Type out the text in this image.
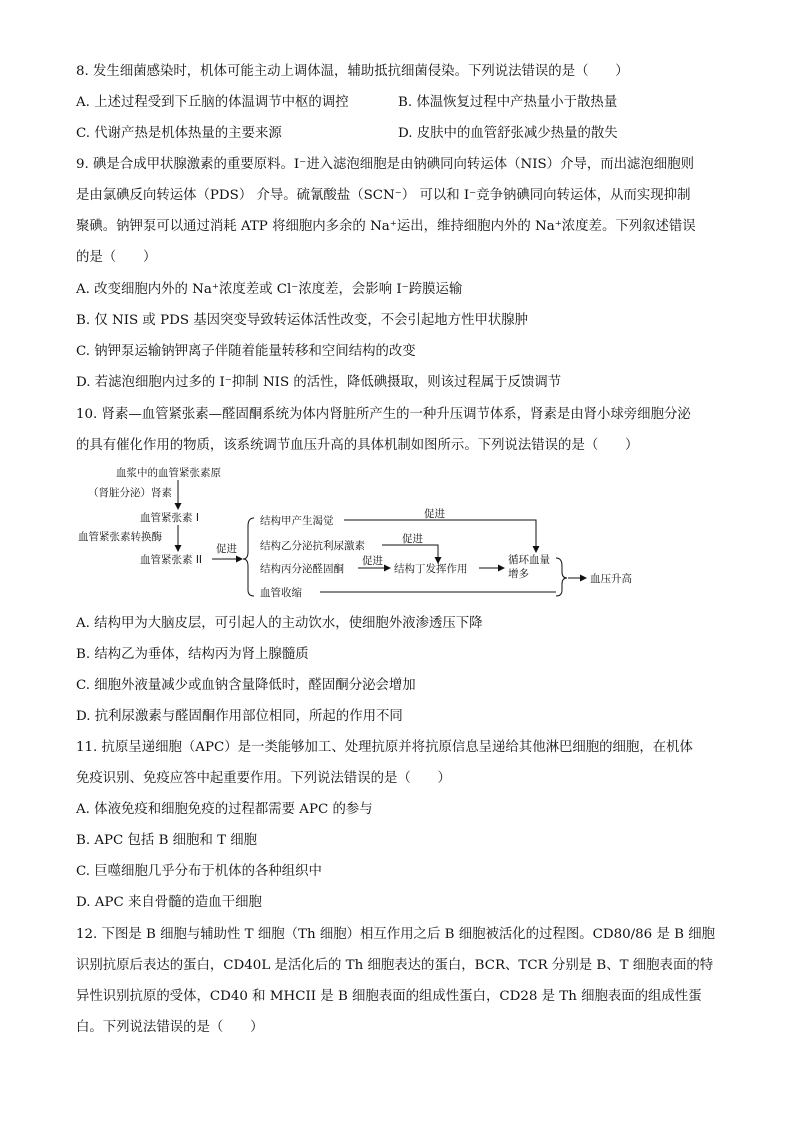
8. 发生细菌感染时，机体可能主动上调体温，辅助抵抗细菌侵染。下列说法错误的是（　　）
A. 上述过程受到下丘脑的体温调节中枢的调控	B. 体温恢复过程中产热量小于散热量
C. 代谢产热是机体热量的主要来源	D. 皮肤中的血管舒张减少热量的散失
9. 碘是合成甲状腺激素的重要原料。I⁻进入滤泡细胞是由钠碘同向转运体（NIS）介导，而出滤泡细胞则
是由氯碘反向转运体（PDS） 介导。硫氰酸盐（SCN⁻） 可以和 I⁻竞争钠碘同向转运体，从而实现抑制
聚碘。钠钾泵可以通过消耗 ATP 将细胞内多余的 Na⁺运出，维持细胞内外的 Na⁺浓度差。下列叙述错误
的是（　　）
A. 改变细胞内外的 Na⁺浓度差或 Cl⁻浓度差，会影响 I⁻跨膜运输
B. 仅 NIS 或 PDS 基因突变导致转运体活性改变，不会引起地方性甲状腺肿
C. 钠钾泵运输钠钾离子伴随着能量转移和空间结构的改变
D. 若滤泡细胞内过多的 I⁻抑制 NIS 的活性，降低碘摄取，则该过程属于反馈调节
10. 肾素—血管紧张素—醛固酮系统为体内肾脏所产生的一种升压调节体系，肾素是由肾小球旁细胞分泌
的具有催化作用的物质，该系统调节血压升高的具体机制如图所示。下列说法错误的是（　　）
血浆中的血管紧张素原
（肾脏分泌）肾素
血管紧张素 I
血管紧张素转换酶
血管紧张素 II
促进
结构甲产生渴觉
结构乙分泌抗利尿激素
结构丙分泌醛固酮
血管收缩
促进
促进
促进
结构丁发挥作用
循环血量
增多	血压升高
A. 结构甲为大脑皮层，可引起人的主动饮水，使细胞外液渗透压下降
B. 结构乙为垂体，结构丙为肾上腺髓质
C. 细胞外液量减少或血钠含量降低时，醛固酮分泌会增加
D. 抗利尿激素与醛固酮作用部位相同，所起的作用不同
11. 抗原呈递细胞（APC）是一类能够加工、处理抗原并将抗原信息呈递给其他淋巴细胞的细胞，在机体
免疫识别、免疫应答中起重要作用。下列说法错误的是（　　）
A. 体液免疫和细胞免疫的过程都需要 APC 的参与
B. APC 包括 B 细胞和 T 细胞
C. 巨噬细胞几乎分布于机体的各种组织中
D. APC 来自骨髓的造血干细胞
12. 下图是 B 细胞与辅助性 T 细胞（Th 细胞）相互作用之后 B 细胞被活化的过程图。CD80/86 是 B 细胞
识别抗原后表达的蛋白，CD40L 是活化后的 Th 细胞表达的蛋白，BCR、TCR 分别是 B、T 细胞表面的特
异性识别抗原的受体，CD40 和 MHCII 是 B 细胞表面的组成性蛋白，CD28 是 Th 细胞表面的组成性蛋
白。下列说法错误的是（　　）
